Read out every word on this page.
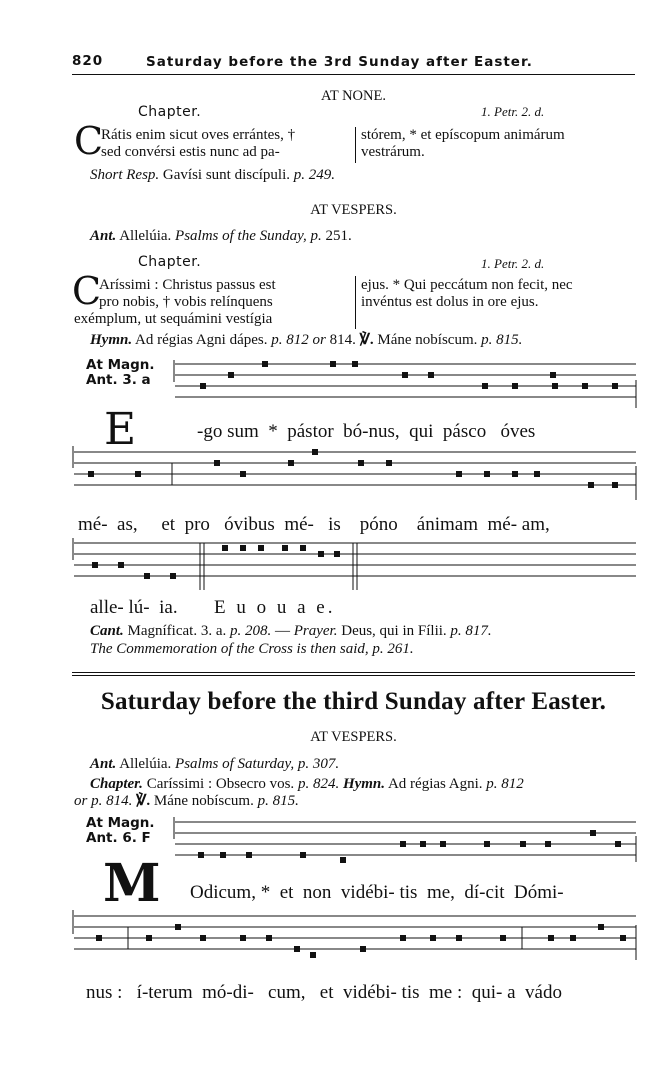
820	Saturday before the 3rd Sunday after Easter.
AT NONE.
Chapter.	1. Petr. 2. d.
C
Rátis enim sicut oves errántes, †
sed convérsi estis nunc ad pa-
stórem, * et epíscopum animárum
vestrárum.
Short Resp. Gavísi sunt discípuli. p. 249.
AT VESPERS.
Ant. Allelúia. Psalms of the Sunday, p. 251.
Chapter.	1. Petr. 2. d.
C
Aríssimi : Christus passus est
pro nobis, † vobis relínquens
exémplum, ut sequámini vestígia
ejus. * Qui peccátum non fecit, nec
invéntus est dolus in ore ejus.
Hymn. Ad régias Agni dápes. p. 812 or 814. ℣. Máne nobíscum. p. 815.
At Magn.
Ant. 3. a
E	-go sum  *  pástor  bó-nus,  qui  pásco   óves
mé-  as,     et  pro   óvibus  mé-   is    póno    ánimam  mé- am,
alle- lú-  ia. E u o u a e.
Cant. Magníficat. 3. a. p. 208. — Prayer. Deus, qui in Fílii. p. 817.
The Commemoration of the Cross is then said, p. 261.
Saturday before the third Sunday after Easter.
AT VESPERS.
Ant. Allelúia. Psalms of Saturday, p. 307.
Chapter. Caríssimi : Obsecro vos. p. 824. Hymn. Ad régias Agni. p. 812
or p. 814. ℣. Máne nobíscum. p. 815.
At Magn.
Ant. 6. F
M Odicum, *  et  non  vidébi- tis  me,  dí-cit  Dómi-
nus :   í-terum  mó-di-   cum,   et  vidébi- tis  me :  qui- a  vádo
